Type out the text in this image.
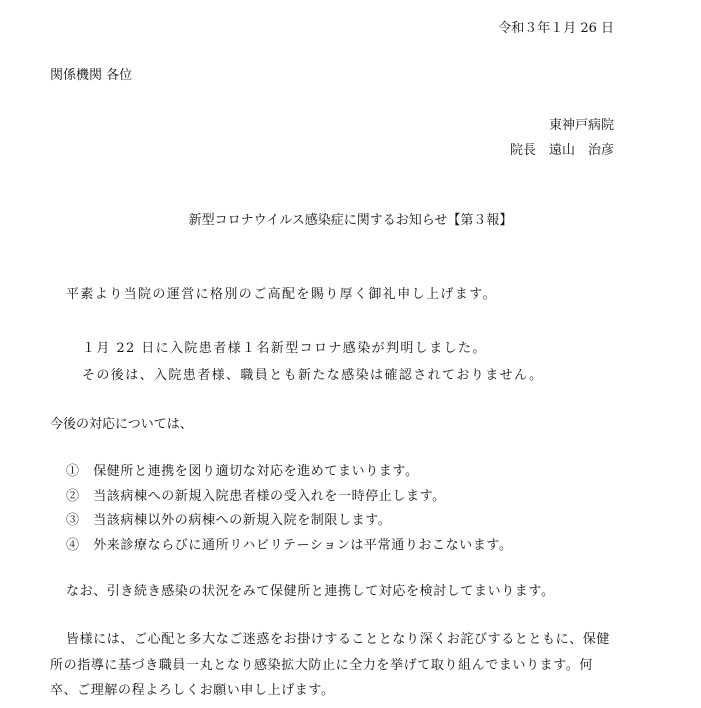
令和３年１月 26 日
関係機関 各位
東神戸病院
院長　遠山　治彦
新型コロナウイルス感染症に関するお知らせ【第３報】
平素より当院の運営に格別のご高配を賜り厚く御礼申し上げます。
１月 22 日に入院患者様１名新型コロナ感染が判明しました。
その後は、入院患者様、職員とも新たな感染は確認されておりません。
今後の対応については、
①　保健所と連携を図り適切な対応を進めてまいります。
②　当該病棟への新規入院患者様の受入れを一時停止します。
③　当該病棟以外の病棟への新規入院を制限します。
④　外来診療ならびに通所リハビリテーションは平常通りおこないます。
なお、引き続き感染の状況をみて保健所と連携して対応を検討してまいります。
皆様には、ご心配と多大なご迷惑をお掛けすることとなり深くお詫びするとともに、保健
所の指導に基づき職員一丸となり感染拡大防止に全力を挙げて取り組んでまいります。何
卒、ご理解の程よろしくお願い申し上げます。
